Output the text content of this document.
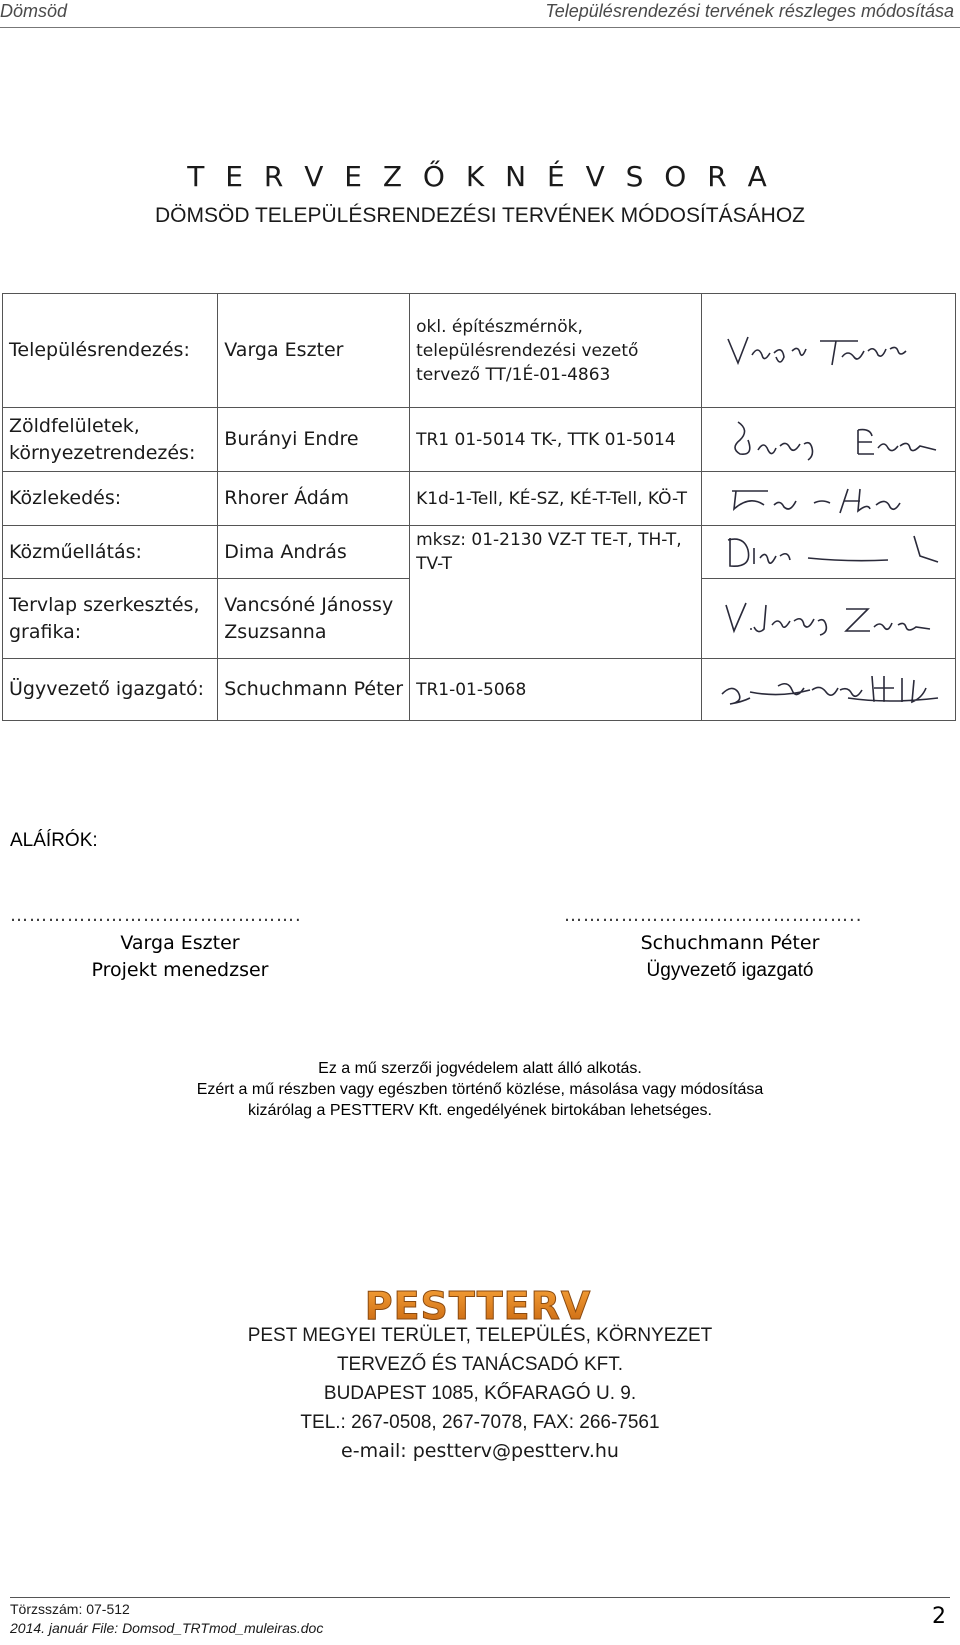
Dömsöd	Településrendezési tervének részleges módosítása
T E R V E Z Ő K N É V S O R A
DÖMSÖD TELEPÜLÉSRENDEZÉSI TERVÉNEK MÓDOSÍTÁSÁHOZ
Településrendezés:	Varga Eszter	okl. építészmérnök, településrendezési vezető tervező TT/1É-01-4863	

Zöldfelületek, környezetrendezés:	Burányi Endre	TR1 01-5014 TK-, TTK 01-5014	

Közlekedés:	Rhorer Ádám	K1d-1-Tell, KÉ-SZ, KÉ-T-Tell, KÖ-T	

Közműellátás:	Dima András	mksz: 01-2130 VZ-T TE-T, TH-T, TV-T	

Tervlap szerkesztés, grafika:	Vancsóné Jánossy Zsuzsanna		

Ügyvezető igazgató:	Schuchmann Péter	TR1-01-5068	
ALÁÍRÓK:
……………………………………….
Varga Eszter
Projekt menedzser
………………………………………..
Schuchmann Péter
Ügyvezető igazgató
Ez a mű szerzői jogvédelem alatt álló alkotás.
Ezért a mű részben vagy egészben történő közlése, másolása vagy módosítása
kizárólag a PESTTERV Kft. engedélyének birtokában lehetséges.
PESTTERV
PEST MEGYEI TERÜLET, TELEPÜLÉS, KÖRNYEZET
TERVEZŐ ÉS TANÁCSADÓ KFT.
BUDAPEST 1085, KŐFARAGÓ U. 9.
TEL.: 267-0508, 267-7078, FAX: 266-7561
e-mail: pestterv@pestterv.hu
Törzsszám: 07-512
2014. január File: Domsod_TRTmod_muleiras.doc	2
